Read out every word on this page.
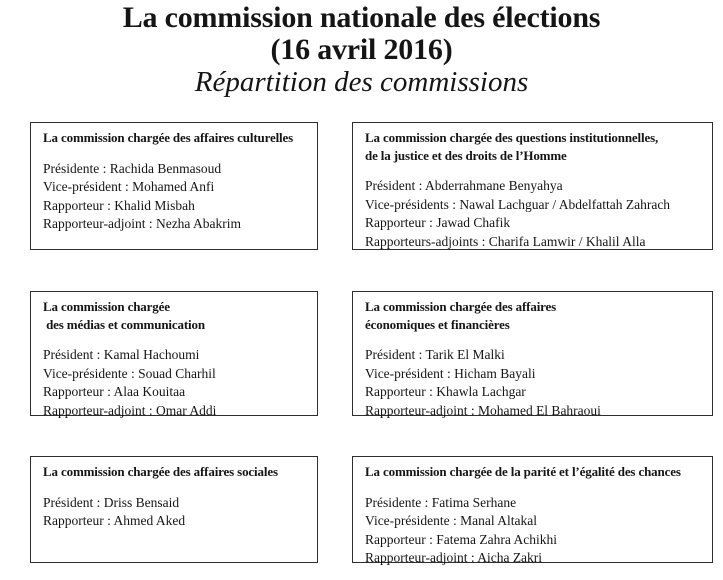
La commission nationale des élections
(16 avril 2016)
Répartition des commissions
La commission chargée des affaires culturelles
Présidente : Rachida Benmasoud
Vice-président : Mohamed Anfi
Rapporteur : Khalid Misbah
Rapporteur-adjoint : Nezha Abakrim
La commission chargée des questions institutionnelles,
de la justice et des droits de l’Homme
Président : Abderrahmane Benyahya
Vice-présidents : Nawal Lachguar / Abdelfattah Zahrach
Rapporteur : Jawad Chafik
Rapporteurs-adjoints : Charifa Lamwir / Khalil Alla
La commission chargée
des médias et communication
Président : Kamal Hachoumi
Vice-présidente : Souad Charhil
Rapporteur : Alaa Kouitaa
Rapporteur-adjoint : Omar Addi
La commission chargée des affaires
économiques et financières
Président : Tarik El Malki
Vice-président : Hicham Bayali
Rapporteur : Khawla Lachgar
Rapporteur-adjoint : Mohamed El Bahraoui
La commission chargée des affaires sociales
Président : Driss Bensaid
Rapporteur : Ahmed Aked
La commission chargée de la parité et l’égalité des chances
Présidente : Fatima Serhane
Vice-présidente : Manal Altakal
Rapporteur : Fatema Zahra Achikhi
Rapporteur-adjoint : Aicha Zakri
